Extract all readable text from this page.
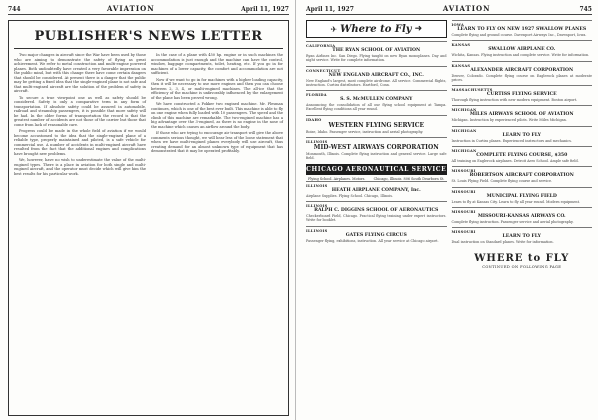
744	AVIATION	April 11, 1927
PUBLISHER'S NEWS LETTER

Two major changes in aircraft since the War have been used by those who are aiming to demonstrate the safety of flying as great achievement. We refer to metal construction and multi-engine powered planes. Both undoubtedly have created a very favorable impression on the public mind, but with this change there have come certain dangers that should be considered. At present there is a danger that the public may be getting a fixed idea that the single-engined plane is not safe and that multi-engined aircraft are the solution of the problem of safety in aircraft.

To secure a true viewpoint one as well as safety should be considered. Safety is only a comparative term in any form of transportation. If absolute safety could be assured in automobile, railroad and steamship passengers, it is possible that more safety will be had. In the older forms of transportation the record is that the greatest number of accidents are not those of the carrier but those that come from lack of reasonable care.

Progress could be made in the whole field of aviation if we would become accustomed to the idea that the single-engined plane of a reliable type, properly maintained and piloted, is a safe vehicle for commercial use. A number of accidents in multi-engined aircraft have resulted from the fact that the additional engines and complications have brought new problems.

We, however, have no wish to underestimate the value of the multi-engined types. There is a place in aviation for both single and multi-engined aircraft, and the operator must decide which will give him the best results for his particular work.

In the case of a plane with 450 hp. engine or in such machines the accommodation is just enough and the machine can have the control, window, baggage compartments, toilet, heating, etc. If you go in for machines of a lower capacity, the comfort and accommodation are not sufficient.

Now if we want to go in for machines with a higher loading capacity, then it will be necessary to use more engines and then you can choose between 2, 3, 4, or multi-engined machines. The all-ice that the efficiency of the machine is unfavorably influenced by the enlargement of the plane has been proved wrong.

We have constructed a Fokker two engined machine. Mr. Plesman continues, which is one of the best ever built. This machine is able to fly on one engine when fully loaded with 10 passengers. The speed and the climb of this machine are remarkable. The two-engined machine has a big advantage over the 3-engined, as there is no engine in the nose of the machine which causes an airflow around the body.

If those who are trying to encourage air transport will give the above comments serious thought, we will hear less of the loose statement that when we have multi-engined planes everybody will use aircraft, thus creating demand for an almost unknown type of equipment that has demonstrated that it may be operated profitably.

April 11, 1927	AVIATION	745
✈ Where to Fly ➜
CALIFORNIA
THE RYAN SCHOOL OF AVIATION
Ryan Airlines Inc. San Diego. Flying taught on new Ryan monoplanes. Day and night service. Write for complete information.
CONNECTICUT
NEW ENGLAND AIRCRAFT CO., INC.
New England's largest, most complete airdrome. All service. Commercial flights, instruction. Curtiss distributors. Hartford, Conn.
FLORIDA
S. S. McMULLEN COMPANY
Announcing the consolidation of all our flying school equipment at Tampa. Excellent flying conditions all year round.
IDAHO
WESTERN FLYING SERVICE
Boise, Idaho. Passenger service, instruction and aerial photography.
ILLINOIS
MID-WEST AIRWAYS CORPORATION
Monmouth, Illinois. Complete flying instruction and general service. Large safe field.
CHICAGO AERONAUTICAL SERVICE
Flying School. Airplanes. Motors. Chicago, Illinois. 806 South Dearborn St.
ILLINOIS
HEATH AIRPLANE COMPANY, Inc.
Airplane Supplies. Flying School. Chicago, Illinois.
ILLINOIS
RALPH C. DIGGINS SCHOOL OF AERONAUTICS
Checkerboard Field, Chicago. Practical flying training under expert instructors. Write for booklet.
ILLINOIS
GATES FLYING CIRCUS
Passenger flying, exhibitions, instruction. All year service at Chicago airport.
IOWA
LEARN TO FLY ON NEW 1927 SWALLOW PLANES
Complete flying and ground course. Davenport Airways Inc., Davenport, Iowa.
KANSAS
SWALLOW AIRPLANE CO.
Wichita, Kansas. Flying instruction and complete service. Write for information.
KANSAS
ALEXANDER AIRCRAFT CORPORATION
Denver, Colorado. Complete flying course on Eaglerock planes at moderate prices.
MASSACHUSETTS
CURTISS FLYING SERVICE
Thorough flying instruction with new modern equipment. Boston airport.
MICHIGAN
MILES AIRWAYS SCHOOL OF AVIATION
Michigan. Instruction by experienced pilots. Write Miles Michigan.
MICHIGAN
LEARN TO FLY
Instruction in Curtiss planes. Experienced instructors and mechanics.
MICHIGAN
COMPLETE FLYING COURSE, $350
All training on Eaglerock airplanes. Detroit Aero School. Ample safe field.
MISSOURI
ROBERTSON AIRCRAFT CORPORATION
St. Louis Flying Field. Complete flying course and service.
MISSOURI
MUNICIPAL FLYING FIELD
Learn to fly at Kansas City. Learn to fly all year round. Modern equipment.
MISSOURI
MISSOURI-KANSAS AIRWAYS CO.
Complete flying instruction. Passenger service and aerial photography.
MISSOURI
LEARN TO FLY
Dual instruction on Standard planes. Write for information.
WHERE to FLY
CONTINUED ON FOLLOWING PAGE
